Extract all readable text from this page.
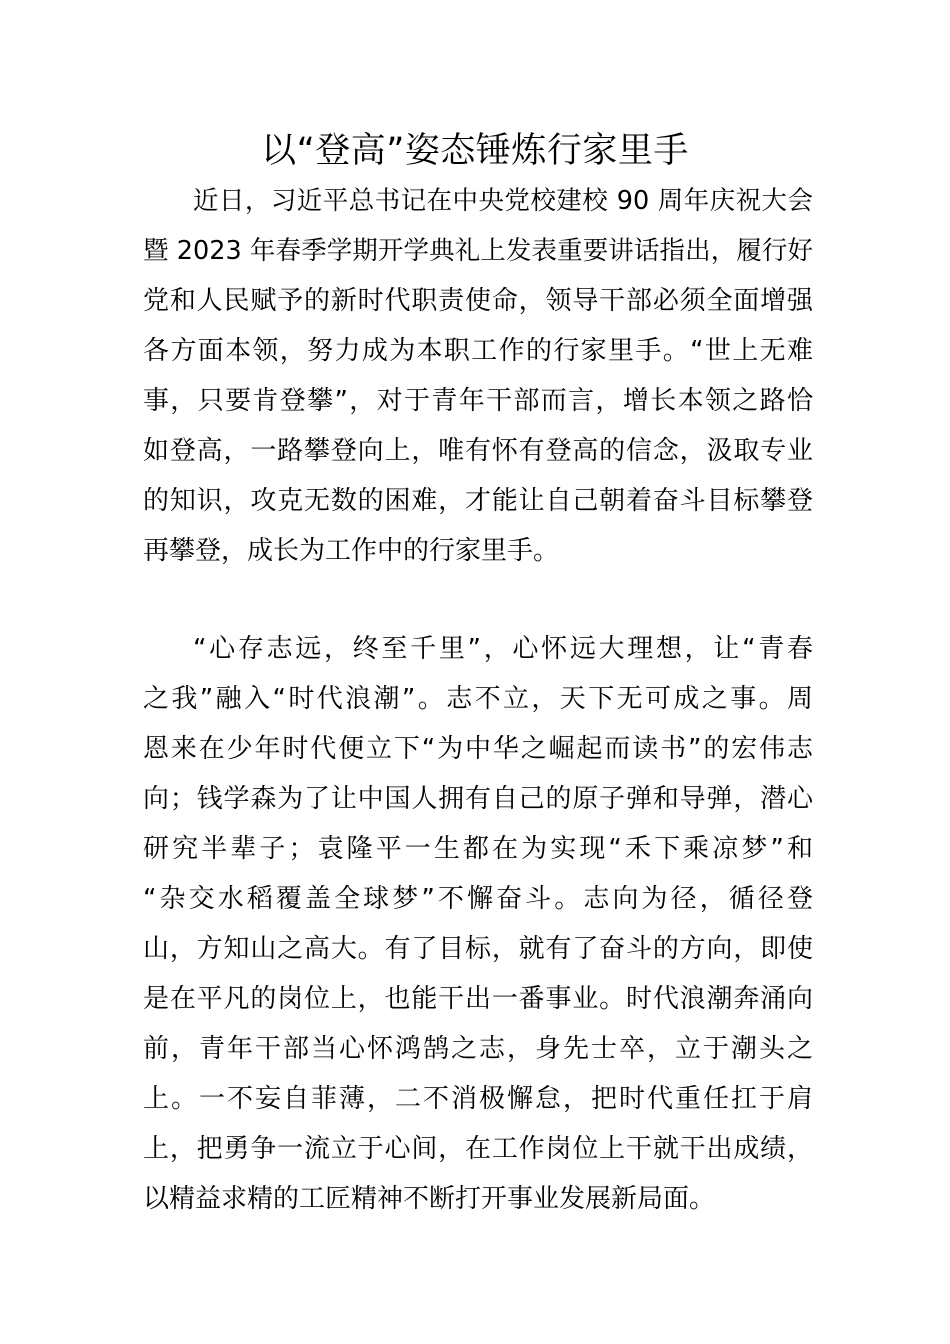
以“登高”姿态锤炼行家里手
近日，习近平总书记在中央党校建校 90 周年庆祝大会
暨 2023 年春季学期开学典礼上发表重要讲话指出，履行好
党和人民赋予的新时代职责使命，领导干部必须全面增强
各方面本领，努力成为本职工作的行家里手。“世上无难
事，只要肯登攀”，对于青年干部而言，增长本领之路恰
如登高，一路攀登向上，唯有怀有登高的信念，汲取专业
的知识，攻克无数的困难，才能让自己朝着奋斗目标攀登
再攀登，成长为工作中的行家里手。
“心存志远，终至千里”，心怀远大理想，让“青春
之我”融入“时代浪潮”。志不立，天下无可成之事。周
恩来在少年时代便立下“为中华之崛起而读书”的宏伟志
向；钱学森为了让中国人拥有自己的原子弹和导弹，潜心
研究半辈子；袁隆平一生都在为实现“禾下乘凉梦”和
“杂交水稻覆盖全球梦”不懈奋斗。志向为径，循径登
山，方知山之高大。有了目标，就有了奋斗的方向，即使
是在平凡的岗位上，也能干出一番事业。时代浪潮奔涌向
前，青年干部当心怀鸿鹄之志，身先士卒，立于潮头之
上。一不妄自菲薄，二不消极懈怠，把时代重任扛于肩
上，把勇争一流立于心间，在工作岗位上干就干出成绩，
以精益求精的工匠精神不断打开事业发展新局面。
